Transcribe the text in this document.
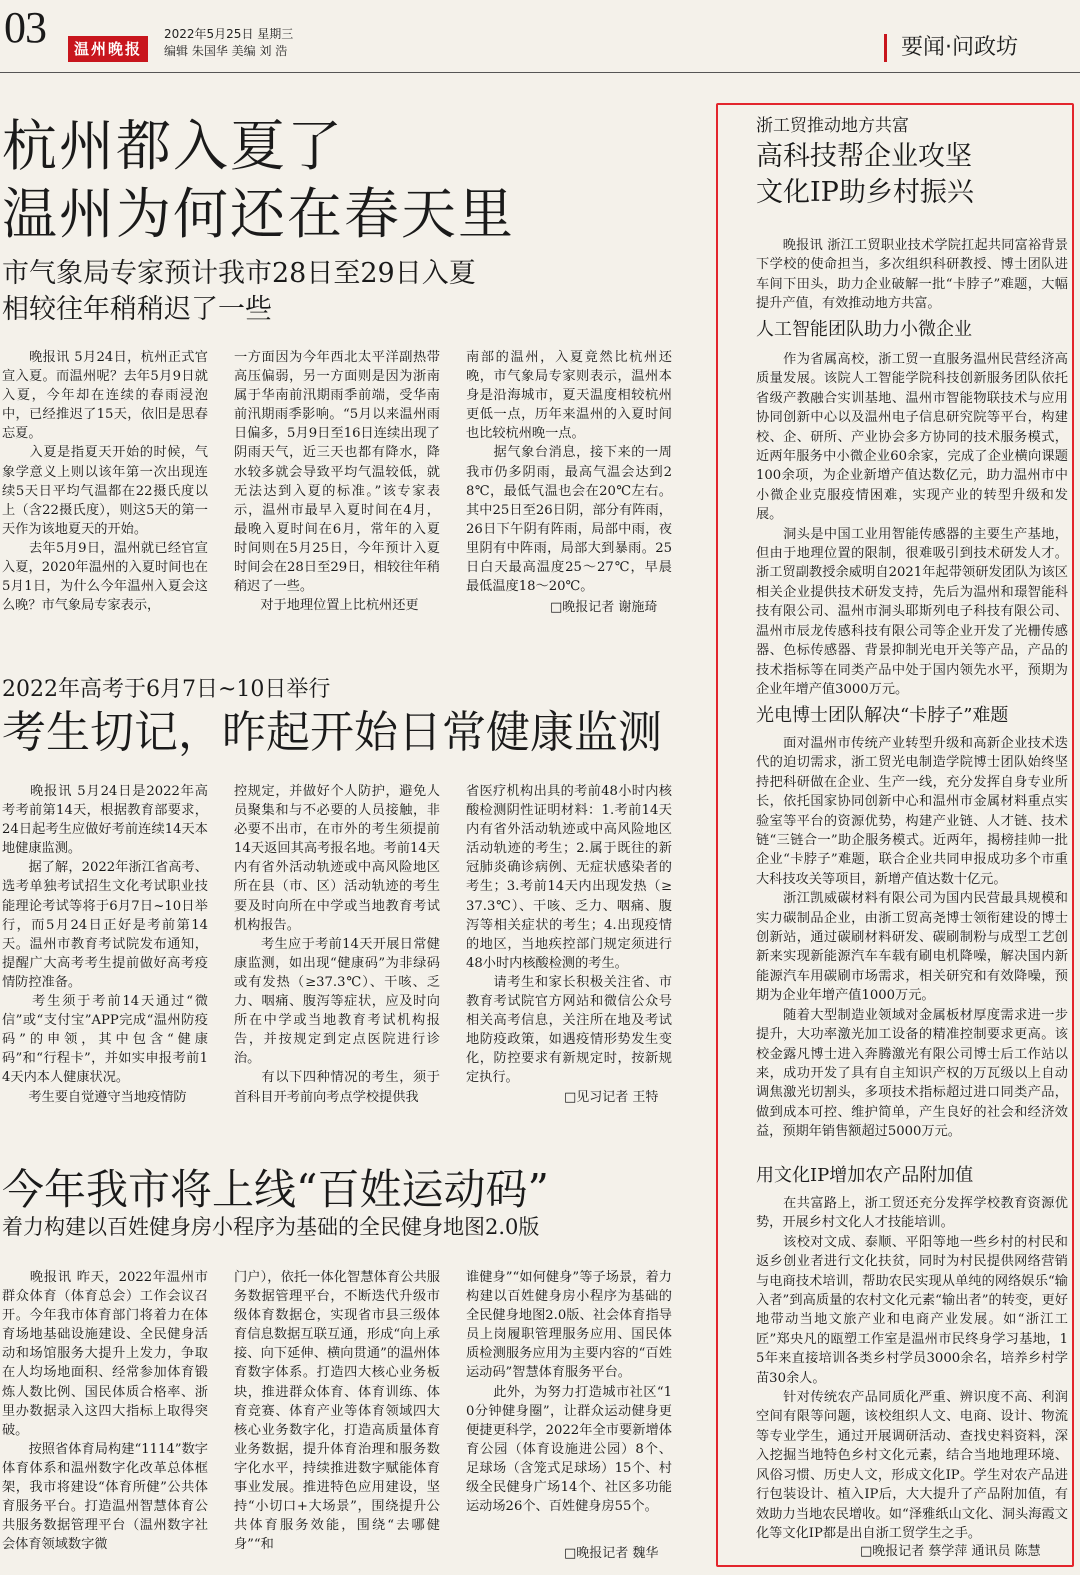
03	温州晚报
2022年5月25日 星期三
编辑 朱国华 美编 刘 浩	要闻·问政坊
杭州都入夏了
温州为何还在春天里
市气象局专家预计我市28日至29日入夏
相较往年稍稍迟了一些
　　晚报讯 5月24日，杭州正式官宣入夏。而温州呢？去年5月9日就入夏，今年却在连续的春雨浸泡中，已经推迟了15天，依旧是思春忘夏。
　　入夏是指夏天开始的时候，气象学意义上则以该年第一次出现连续5天日平均气温都在22摄氏度以上（含22摄氏度），则这5天的第一天作为该地夏天的开始。
　　去年5月9日，温州就已经官宣入夏，2020年温州的入夏时间也在5月1日，为什么今年温州入夏会这么晚？市气象局专家表示，
一方面因为今年西北太平洋副热带高压偏弱，另一方面则是因为浙南属于华南前汛期雨季前端，受华南前汛期雨季影响。“5月以来温州雨日偏多，5月9日至16日连续出现了阴雨天气，近三天也都有降水，降水较多就会导致平均气温较低，就无法达到入夏的标准。”该专家表示，温州市最早入夏时间在4月，最晚入夏时间在6月，常年的入夏时间则在5月25日，今年预计入夏时间会在28日至29日，相较往年稍稍迟了一些。
　　对于地理位置上比杭州还更
南部的温州，入夏竟然比杭州还晚，市气象局专家则表示，温州本身是沿海城市，夏天温度相较杭州更低一点，历年来温州的入夏时间也比较杭州晚一点。
　　据气象台消息，接下来的一周我市仍多阴雨，最高气温会达到28℃，最低气温也会在20℃左右。其中25日至26日阴，部分有阵雨，26日下午阴有阵雨，局部中雨，夜里阴有中阵雨，局部大到暴雨。25日白天最高温度25～27℃，早晨最低温度18～20℃。
□晚报记者 谢施琦
2022年高考于6月7日~10日举行
考生切记，昨起开始日常健康监测
　　晚报讯 5月24日是2022年高考考前第14天，根据教育部要求，24日起考生应做好考前连续14天本地健康监测。
　　据了解，2022年浙江省高考、选考单独考试招生文化考试职业技能理论考试等将于6月7日~10日举行，而5月24日正好是考前第14天。温州市教育考试院发布通知，提醒广大高考考生提前做好高考疫情防控准备。
　　考生须于考前14天通过“微信”或“支付宝”APP完成“温州防疫码”的申领，其中包含“健康码”和“行程卡”，并如实申报考前14天内本人健康状况。
　　考生要自觉遵守当地疫情防
控规定，并做好个人防护，避免人员聚集和与不必要的人员接触，非必要不出市，在市外的考生须提前14天返回其高考报名地。考前14天内有省外活动轨迹或中高风险地区所在县（市、区）活动轨迹的考生要及时向所在中学或当地教育考试机构报告。
　　考生应于考前14天开展日常健康监测，如出现“健康码”为非绿码或有发热（≥37.3℃）、干咳、乏力、咽痛、腹泻等症状，应及时向所在中学或当地教育考试机构报告，并按规定到定点医院进行诊治。
　　有以下四种情况的考生，须于首科目开考前向考点学校提供我
省医疗机构出具的考前48小时内核酸检测阴性证明材料：1.考前14天内有省外活动轨迹或中高风险地区活动轨迹的考生；2.属于既往的新冠肺炎确诊病例、无症状感染者的考生；3.考前14天内出现发热（≥37.3℃）、干咳、乏力、咽痛、腹泻等相关症状的考生；4.出现疫情的地区，当地疾控部门规定须进行48小时内核酸检测的考生。
　　请考生和家长积极关注省、市教育考试院官方网站和微信公众号相关高考信息，关注所在地及考试地防疫政策，如遇疫情形势发生变化，防控要求有新规定时，按新规定执行。
□见习记者 王特
今年我市将上线“百姓运动码”
着力构建以百姓健身房小程序为基础的全民健身地图2.0版
　　晚报讯 昨天，2022年温州市群众体育（体育总会）工作会议召开。今年我市体育部门将着力在体育场地基础设施建设、全民健身活动和场馆服务大提升上发力，争取在人均场地面积、经常参加体育锻炼人数比例、国民体质合格率、浙里办数据录入这四大指标上取得突破。
　　按照省体育局构建“1114”数字体育体系和温州数字化改革总体框架，我市将建设“体育所健”公共体育服务平台。打造温州智慧体育公共服务数据管理平台（温州数字社会体育领域数字微
门户），依托一体化智慧体育公共服务数据管理平台，不断迭代升级市级体育数据仓，实现省市县三级体育信息数据互联互通，形成“向上承接、向下延伸、横向贯通”的温州体育数字体系。打造四大核心业务板块，推进群众体育、体育训练、体育竞赛、体育产业等体育领域四大核心业务数字化，打造高质量体育业务数据，提升体育治理和服务数字化水平，持续推进数字赋能体育事业发展。推进特色应用建设，坚持“小切口+大场景”，围绕提升公共体育服务效能，围绕“去哪健身”“和
谁健身”“如何健身”等子场景，着力构建以百姓健身房小程序为基础的全民健身地图2.0版、社会体育指导员上岗履职管理服务应用、国民体质检测服务应用为主要内容的“百姓运动码”智慧体育服务平台。
　　此外，为努力打造城市社区“10分钟健身圈”，让群众运动健身更便捷更科学，2022年全市要新增体育公园（体育设施进公园）8个、足球场（含笼式足球场）15个、村级全民健身广场14个、社区多功能运动场26个、百姓健身房55个。
□晚报记者 魏华
浙工贸推动地方共富
高科技帮企业攻坚
文化IP助乡村振兴
　　晚报讯 浙江工贸职业技术学院扛起共同富裕背景下学校的使命担当，多次组织科研教授、博士团队进车间下田头，助力企业破解一批“卡脖子”难题，大幅提升产值，有效推动地方共富。
人工智能团队助力小微企业
　　作为省属高校，浙工贸一直服务温州民营经济高质量发展。该院人工智能学院科技创新服务团队依托省级产教融合实训基地、温州市智能物联技术与应用协同创新中心以及温州电子信息研究院等平台，构建校、企、研所、产业协会多方协同的技术服务模式，近两年服务中小微企业60余家，完成了企业横向课题100余项，为企业新增产值达数亿元，助力温州市中小微企业克服疫情困难，实现产业的转型升级和发展。
　　洞头是中国工业用智能传感器的主要生产基地，但由于地理位置的限制，很难吸引到技术研发人才。浙工贸副教授余威明自2021年起带领研发团队为该区相关企业提供技术研发支持，先后为温州和璟智能科技有限公司、温州市洞头耶斯列电子科技有限公司、温州市辰龙传感科技有限公司等企业开发了光栅传感器、色标传感器、背景抑制光电开关等产品，产品的技术指标等在同类产品中处于国内领先水平，预期为企业年增产值3000万元。
光电博士团队解决“卡脖子”难题
　　面对温州市传统产业转型升级和高新企业技术迭代的迫切需求，浙工贸光电制造学院博士团队始终坚持把科研做在企业、生产一线，充分发挥自身专业所长，依托国家协同创新中心和温州市金属材料重点实验室等平台的资源优势，构建产业链、人才链、技术链“三链合一”助企服务模式。近两年，揭榜挂帅一批企业“卡脖子”难题，联合企业共同申报成功多个市重大科技攻关等项目，新增产值达数十亿元。
　　浙江凯威碳材料有限公司为国内民营最具规模和实力碳制品企业，由浙工贸高尧博士领衔建设的博士创新站，通过碳刷材料研发、碳刷制粉与成型工艺创新来实现新能源汽车车载有刷电机降噪，解决国内新能源汽车用碳刷市场需求，相关研究和有效降噪，预期为企业年增产值1000万元。
　　随着大型制造业领域对金属板材厚度需求进一步提升，大功率激光加工设备的精准控制要求更高。该校金露凡博士进入奔腾激光有限公司博士后工作站以来，成功开发了具有自主知识产权的万瓦级以上自动调焦激光切割头，多项技术指标超过进口同类产品，做到成本可控、维护简单，产生良好的社会和经济效益，预期年销售额超过5000万元。
用文化IP增加农产品附加值
　　在共富路上，浙工贸还充分发挥学校教育资源优势，开展乡村文化人才技能培训。
　　该校对文成、泰顺、平阳等地一些乡村的村民和返乡创业者进行文化扶贫，同时为村民提供网络营销与电商技术培训，帮助农民实现从单纯的网络娱乐“输入者”到高质量的农村文化元素“输出者”的转变，更好地带动当地文旅产业和电商产业发展。如“浙江工匠”郑央凡的瓯塑工作室是温州市民终身学习基地，15年来直接培训各类乡村学员3000余名，培养乡村学苗30余人。
　　针对传统农产品同质化严重、辨识度不高、利润空间有限等问题，该校组织人文、电商、设计、物流等专业学生，通过开展调研活动、查找史料资料，深入挖掘当地特色乡村文化元素，结合当地地理环境、风俗习惯、历史人文，形成文化IP。学生对农产品进行包装设计、植入IP后，大大提升了产品附加值，有效助力当地农民增收。如“泽雅纸山文化、洞头海霞文化等文化IP都是出自浙工贸学生之手。
□晚报记者 蔡学萍 通讯员 陈慧
